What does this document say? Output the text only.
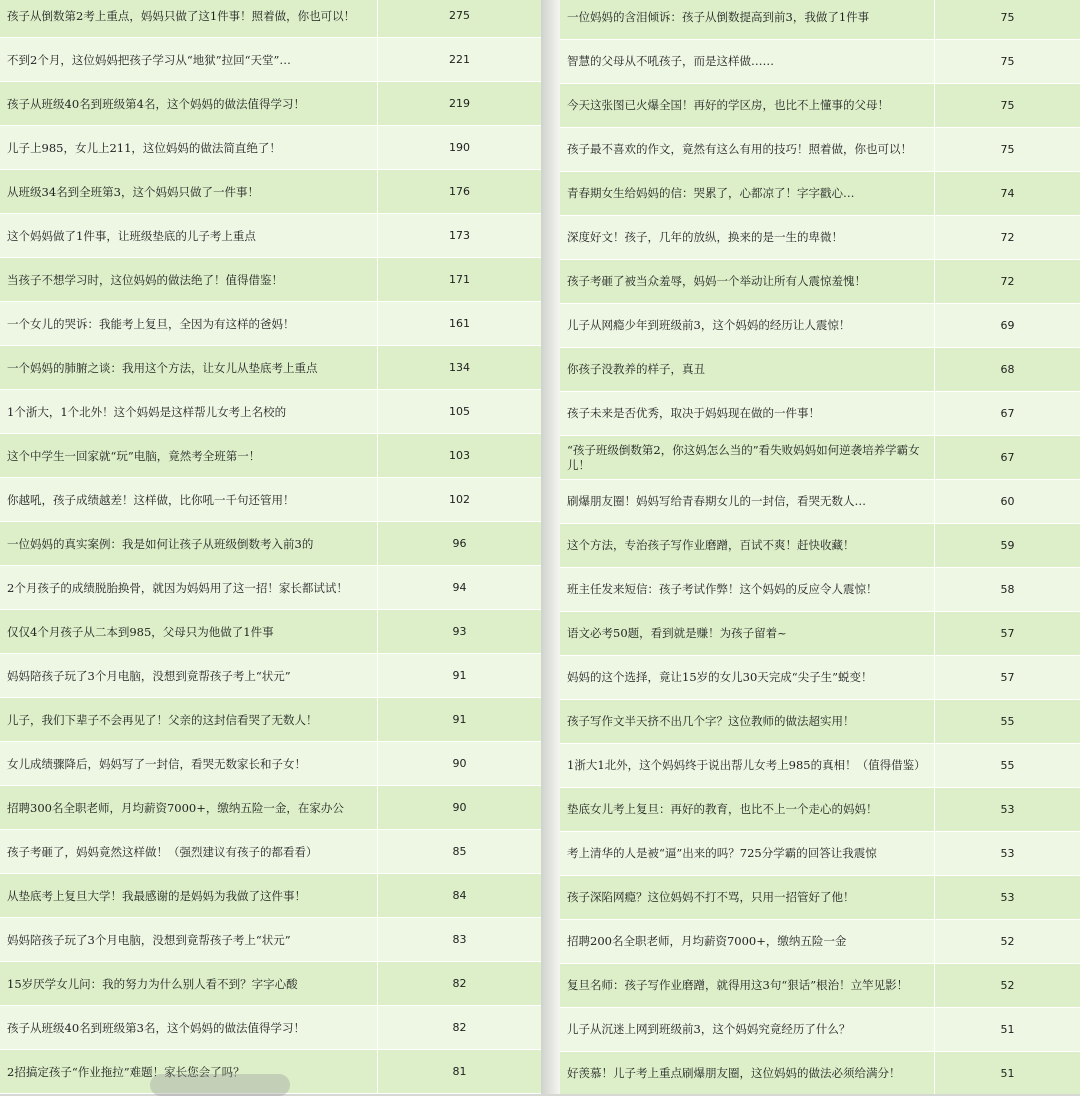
孩子从倒数第2考上重点，妈妈只做了这1件事！照着做，你也可以！	275
不到2个月，这位妈妈把孩子学习从“地狱”拉回“天堂”…	221
孩子从班级40名到班级第4名，这个妈妈的做法值得学习！	219
儿子上985，女儿上211，这位妈妈的做法简直绝了！	190
从班级34名到全班第3，这个妈妈只做了一件事！	176
这个妈妈做了1件事，让班级垫底的儿子考上重点	173
当孩子不想学习时，这位妈妈的做法绝了！值得借鉴！	171
一个女儿的哭诉：我能考上复旦，全因为有这样的爸妈！	161
一个妈妈的肺腑之谈：我用这个方法，让女儿从垫底考上重点	134
1个浙大，1个北外！这个妈妈是这样帮儿女考上名校的	105
这个中学生一回家就“玩”电脑，竟然考全班第一！	103
你越吼，孩子成绩越差！这样做，比你吼一千句还管用！	102
一位妈妈的真实案例：我是如何让孩子从班级倒数考入前3的	96
2个月孩子的成绩脱胎换骨，就因为妈妈用了这一招！家长都试试！	94
仅仅4个月孩子从二本到985，父母只为他做了1件事	93
妈妈陪孩子玩了3个月电脑，没想到竟帮孩子考上“状元”	91
儿子，我们下辈子不会再见了！父亲的这封信看哭了无数人！	91
女儿成绩骤降后，妈妈写了一封信，看哭无数家长和子女！	90
招聘300名全职老师，月均薪资7000+，缴纳五险一金，在家办公	90
孩子考砸了，妈妈竟然这样做！（强烈建议有孩子的都看看）	85
从垫底考上复旦大学！我最感谢的是妈妈为我做了这件事！	84
妈妈陪孩子玩了3个月电脑，没想到竟帮孩子考上“状元”	83
15岁厌学女儿问：我的努力为什么别人看不到？字字心酸	82
孩子从班级40名到班级第3名，这个妈妈的做法值得学习！	82
2招搞定孩子“作业拖拉”难题！家长您会了吗？	81
一位妈妈的含泪倾诉：孩子从倒数提高到前3，我做了1件事	75
智慧的父母从不吼孩子，而是这样做……	75
今天这张图已火爆全国！再好的学区房，也比不上懂事的父母！	75
孩子最不喜欢的作文，竟然有这么有用的技巧！照着做，你也可以！	75
青春期女生给妈妈的信：哭累了，心都凉了！字字戳心…	74
深度好文！孩子，几年的放纵，换来的是一生的卑微！	72
孩子考砸了被当众羞辱，妈妈一个举动让所有人震惊羞愧！	72
儿子从网瘾少年到班级前3，这个妈妈的经历让人震惊！	69
你孩子没教养的样子，真丑	68
孩子未来是否优秀，取决于妈妈现在做的一件事！	67
“孩子班级倒数第2，你这妈怎么当的”看失败妈妈如何逆袭培养学霸女儿！	67
刷爆朋友圈！妈妈写给青春期女儿的一封信，看哭无数人…	60
这个方法，专治孩子写作业磨蹭，百试不爽！赶快收藏！	59
班主任发来短信：孩子考试作弊！这个妈妈的反应令人震惊！	58
语文必考50题，看到就是赚！为孩子留着~	57
妈妈的这个选择，竟让15岁的女儿30天完成“尖子生”蜕变！	57
孩子写作文半天挤不出几个字？这位教师的做法超实用！	55
1浙大1北外，这个妈妈终于说出帮儿女考上985的真相！（值得借鉴）	55
垫底女儿考上复旦：再好的教育，也比不上一个走心的妈妈！	53
考上清华的人是被“逼”出来的吗？725分学霸的回答让我震惊	53
孩子深陷网瘾？这位妈妈不打不骂，只用一招管好了他！	53
招聘200名全职老师，月均薪资7000+，缴纳五险一金	52
复旦名师：孩子写作业磨蹭，就得用这3句“狠话”根治！立竿见影！	52
儿子从沉迷上网到班级前3，这个妈妈究竟经历了什么？	51
好羡慕！儿子考上重点刷爆朋友圈，这位妈妈的做法必须给满分！	51
